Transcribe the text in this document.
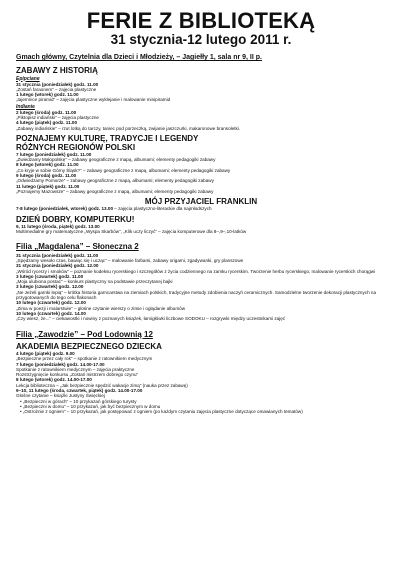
FERIE Z BIBLIOTEKĄ
31 stycznia-12 lutego 2011 r.
Gmach główny, Czytelnia dla Dzieci i Młodzieży, – Jagiełły 1, sala nr 9, II p.
ZABAWY Z HISTORIĄ
Epipciane
31 stycznia (poniedziałek) godz. 11.00
„Zostań faraonem” – zajęcia plastyczne
1 lutego (wtorek) godz. 11.00
„tajemnice piramid” – zajęcia plastyczne wyklejanie i malowanie minipiramid
Indianie
2 lutego (środa) godz. 11.00
„Piktopisz indiański” – zajęcia plastyczne
4 lutego (piątek) godz. 11.00
„Zabawy indiańskie” – rzut lotką do tarczy, taniec pod porzeczką, zwijanie jaszczurki, makaronowe bransoletki.
POZNAJEMY KULTURĘ, TRADYCJE I LEGENDY
RÓŻNYCH REGIONÓW POLSKI
7 lutego (poniedziałek) godz. 11.00
„Zwiedzamy Małopolskę” – zabawy geograficzne z mapą, albumami; elementy pedagogiki zabawy
8 lutego (wtorek) godz. 11.00
„Co kryje w sobie Górny Śląsk?” – zabawy geograficzne z mapą, albumami; elementy pedagogiki zabawy
9 lutego (środa) godz. 11.00
„Odwiedzamy Pomorze” – zabawy geograficzne z mapą, albumami; elementy pedagogiki zabawy
11 lutego (piątek) godz. 11.00
„Poznajemy Mazowsze” – zabawy geograficzne z mapą, albumami; elementy pedagogiki zabawy
MÓJ PRZYJACIEL FRANKLIN
7-8 lutego (poniedziałek, wtorek) godz. 13.00 – zajęcia plastyczno-literackie dla najmłodszych
DZIEŃ DOBRY, KOMPUTERKU!
9, 11 lutego (środa, piątek) godz. 13.00
Multimedialne gry matematyczne „Wyspa Skarbów”, „Klik uczy liczyć” – zajęcia komputerowe dla 8–,9–,10-latków
Filia „Magdalena” – Słoneczna 2
31 stycznia (poniedziałek) godz. 11.00
„Spędzamy wesoło czas, bawiąc się i ucząc” – malowanie farbami, zabawy origami, zgadywanki, gry planszowe
31 stycznia (poniedziałek) godz. 12.00
„Wśród rycerzy i smoków” – poznanie kodeksu rycerskiego i szczegółów z życia codziennego na zamku rycerskim. Tworzenie herbu rycerskiego, malowanie rycerskich chorągwi
3 lutego (czwartek) godz. 11.00
„Moja ulubiona postać” – konkurs plastyczny na podstawie przeczytanej bajki
3 lutego (czwartek) godz. 12.00
„Ne Jeżeli garnki lepią” – krótka historia garncarstwa na ziemiach polskich, tradycyjne metody zdobienia naczyń ceramicznych. Samodzielne tworzenie dekoracji plastycznych na przygotowanych do tego celu flakonach
10 lutego (czwartek) godz. 12.00
„Zima w poezji i malarstwie” – głośne czytanie wierszy o zimie i oglądanie albumów
10 lutego (czwartek) godz. 14.00
„Czy wiesz, że...” – ciekawostki i nowiny z poznanych książek, łamigłówki liczbowe SODOKU – rozgrywki między uczestnikami zajęć
Filia „Zawodzie” – Pod Lodownią 12
AKADEMIA BEZPIECZNEGO DZIECKA
4 lutego (piątek) godz. 9.00
„Bezpieczne przez cały rok” – spotkanie z ratownikiem medycznym
7 lutego (poniedziałek) godz. 14.00-17.00
Spotkanie z ratownikiem medycznym – zajęcia praktyczne
Rozstrzygnięcie konkursu „Zostań mistrzem dobrego czynu”
8 lutego (wtorek) godz. 14.00-17.00
Lekcja biblioteczna – „Jak bezpiecznie spędzić wakacje zimą” (nauka przez zabawę)
9–10, 11 lutego (środa, czwartek, piątek) godz. 14.00-17.00
Głośne czytanie – książki Justyny Święckiej
• „Bezpieczni w górach” – 10 przykazań górskiego turysty
• „Bezpieczni w domu” – 10 przykazań, jak być bezpiecznym w domu
• „Ostrożnie z ogniem” – 10 przykazań, jak postępować z ogniem (po każdym czytaniu zajęcia plastyczne dotyczące omawianych tematów)
